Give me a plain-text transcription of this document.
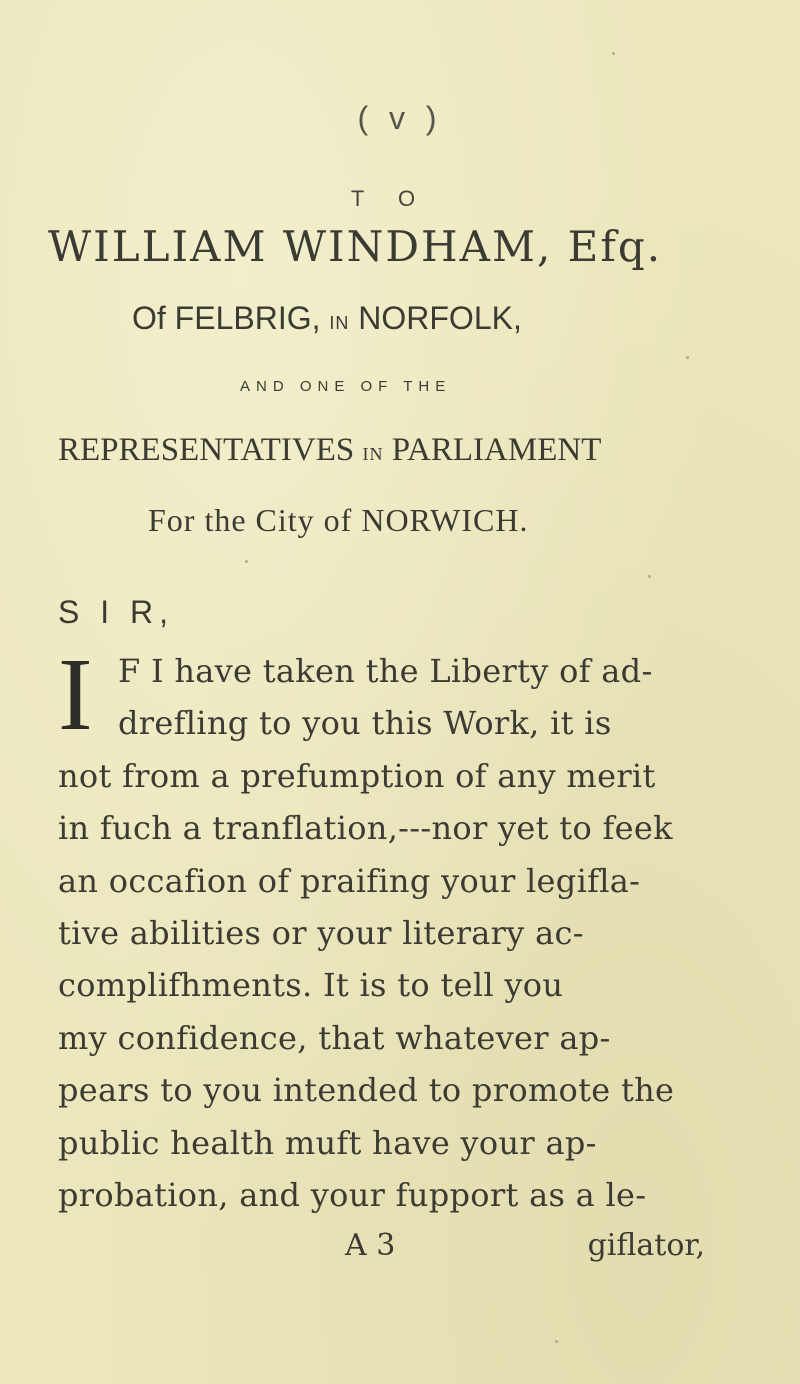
( v )
T O
WILLIAM WINDHAM, Efq.
Of FELBRIG, IN NORFOLK,
AND ONE OF THE
REPRESENTATIVES IN PARLIAMENT
For the City of NORWICH.
S I R,
I F I have taken the Liberty of ad-
drefling to you this Work, it is
not from a prefumption of any merit
in fuch a tranflation,---nor yet to feek
an occafion of praifing your legifla-
tive abilities or your literary ac-
complifhments. It is to tell you
my confidence, that whatever ap-
pears to you intended to promote the
A 3	giflator,
public health muft have your ap-
probation, and your fupport as a le-
